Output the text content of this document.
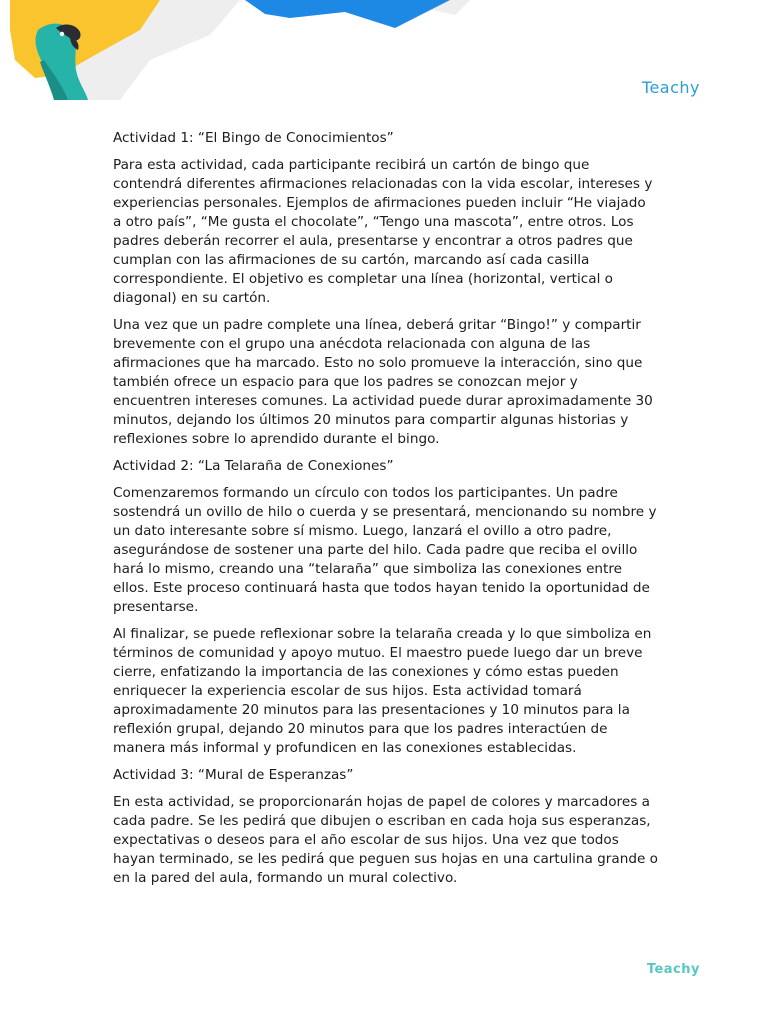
Teachy

Actividad 1: “El Bingo de Conocimientos”

Para esta actividad, cada participante recibirá un cartón de bingo que contendrá diferentes afirmaciones relacionadas con la vida escolar, intereses y experiencias personales. Ejemplos de afirmaciones pueden incluir “He viajado a otro país”, “Me gusta el chocolate”, “Tengo una mascota”, entre otros. Los padres deberán recorrer el aula, presentarse y encontrar a otros padres que cumplan con las afirmaciones de su cartón, marcando así cada casilla correspondiente. El objetivo es completar una línea (horizontal, vertical o diagonal) en su cartón.

Una vez que un padre complete una línea, deberá gritar “Bingo!” y compartir brevemente con el grupo una anécdota relacionada con alguna de las afirmaciones que ha marcado. Esto no solo promueve la interacción, sino que también ofrece un espacio para que los padres se conozcan mejor y encuentren intereses comunes. La actividad puede durar aproximadamente 30 minutos, dejando los últimos 20 minutos para compartir algunas historias y reflexiones sobre lo aprendido durante el bingo.

Actividad 2: “La Telaraña de Conexiones”

Comenzaremos formando un círculo con todos los participantes. Un padre sostendrá un ovillo de hilo o cuerda y se presentará, mencionando su nombre y un dato interesante sobre sí mismo. Luego, lanzará el ovillo a otro padre, asegurándose de sostener una parte del hilo. Cada padre que reciba el ovillo hará lo mismo, creando una “telaraña” que simboliza las conexiones entre ellos. Este proceso continuará hasta que todos hayan tenido la oportunidad de presentarse.

Al finalizar, se puede reflexionar sobre la telaraña creada y lo que simboliza en términos de comunidad y apoyo mutuo. El maestro puede luego dar un breve cierre, enfatizando la importancia de las conexiones y cómo estas pueden enriquecer la experiencia escolar de sus hijos. Esta actividad tomará aproximadamente 20 minutos para las presentaciones y 10 minutos para la reflexión grupal, dejando 20 minutos para que los padres interactúen de manera más informal y profundicen en las conexiones establecidas.

Actividad 3: “Mural de Esperanzas”

En esta actividad, se proporcionarán hojas de papel de colores y marcadores a cada padre. Se les pedirá que dibujen o escriban en cada hoja sus esperanzas, expectativas o deseos para el año escolar de sus hijos. Una vez que todos hayan terminado, se les pedirá que peguen sus hojas en una cartulina grande o en la pared del aula, formando un mural colectivo.

Teachy
